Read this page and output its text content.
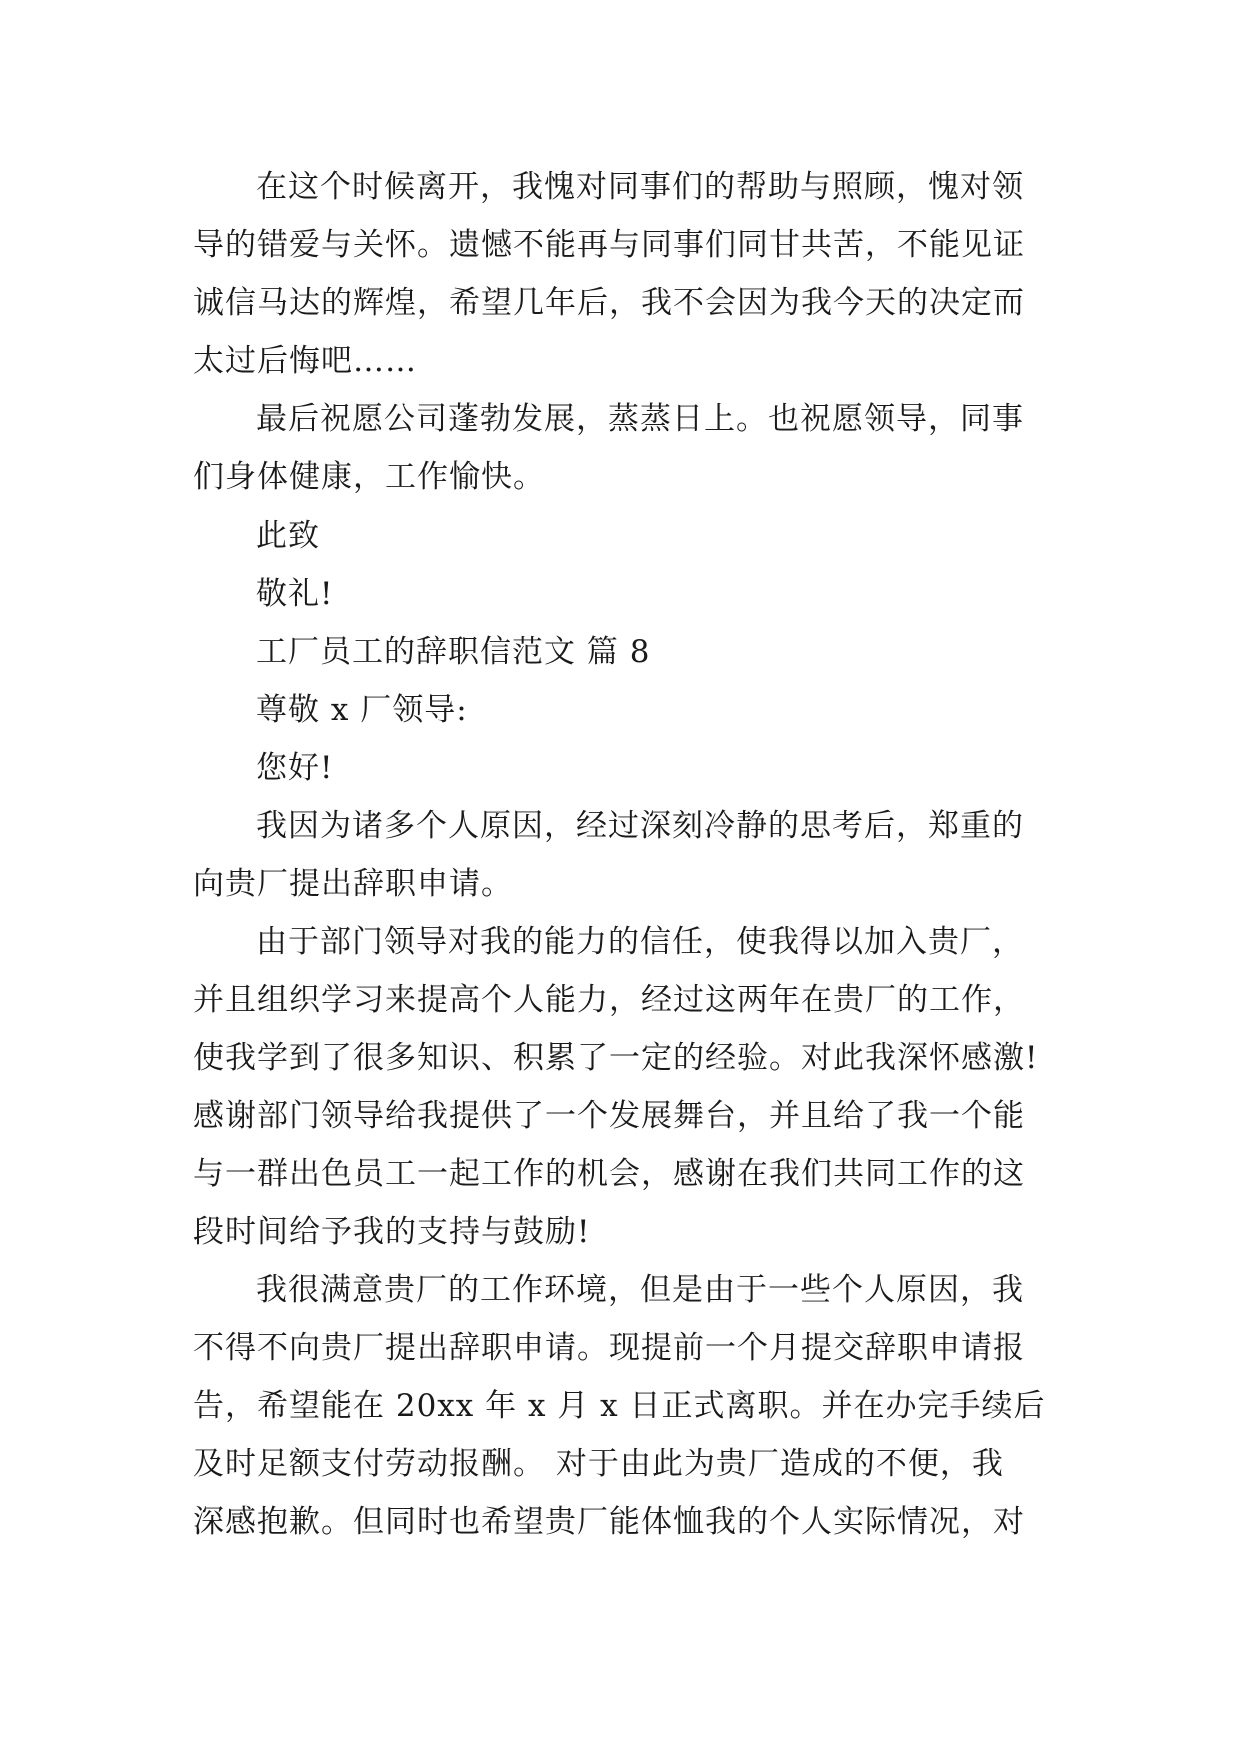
在这个时候离开，我愧对同事们的帮助与照顾，愧对领
导的错爱与关怀。遗憾不能再与同事们同甘共苦，不能见证
诚信马达的辉煌，希望几年后，我不会因为我今天的决定而
太过后悔吧……
最后祝愿公司蓬勃发展，蒸蒸日上。也祝愿领导，同事
们身体健康，工作愉快。
此致
敬礼!
工厂员工的辞职信范文 篇 8
尊敬 x 厂领导:
您好!
我因为诸多个人原因，经过深刻冷静的思考后，郑重的
向贵厂提出辞职申请。
由于部门领导对我的能力的信任，使我得以加入贵厂，
并且组织学习来提高个人能力，经过这两年在贵厂的工作，
使我学到了很多知识、积累了一定的经验。对此我深怀感激!
感谢部门领导给我提供了一个发展舞台，并且给了我一个能
与一群出色员工一起工作的机会，感谢在我们共同工作的这
段时间给予我的支持与鼓励!
我很满意贵厂的工作环境，但是由于一些个人原因，我
不得不向贵厂提出辞职申请。现提前一个月提交辞职申请报
告，希望能在 20xx 年 x 月 x 日正式离职。并在办完手续后
及时足额支付劳动报酬。 对于由此为贵厂造成的不便，我
深感抱歉。但同时也希望贵厂能体恤我的个人实际情况，对
